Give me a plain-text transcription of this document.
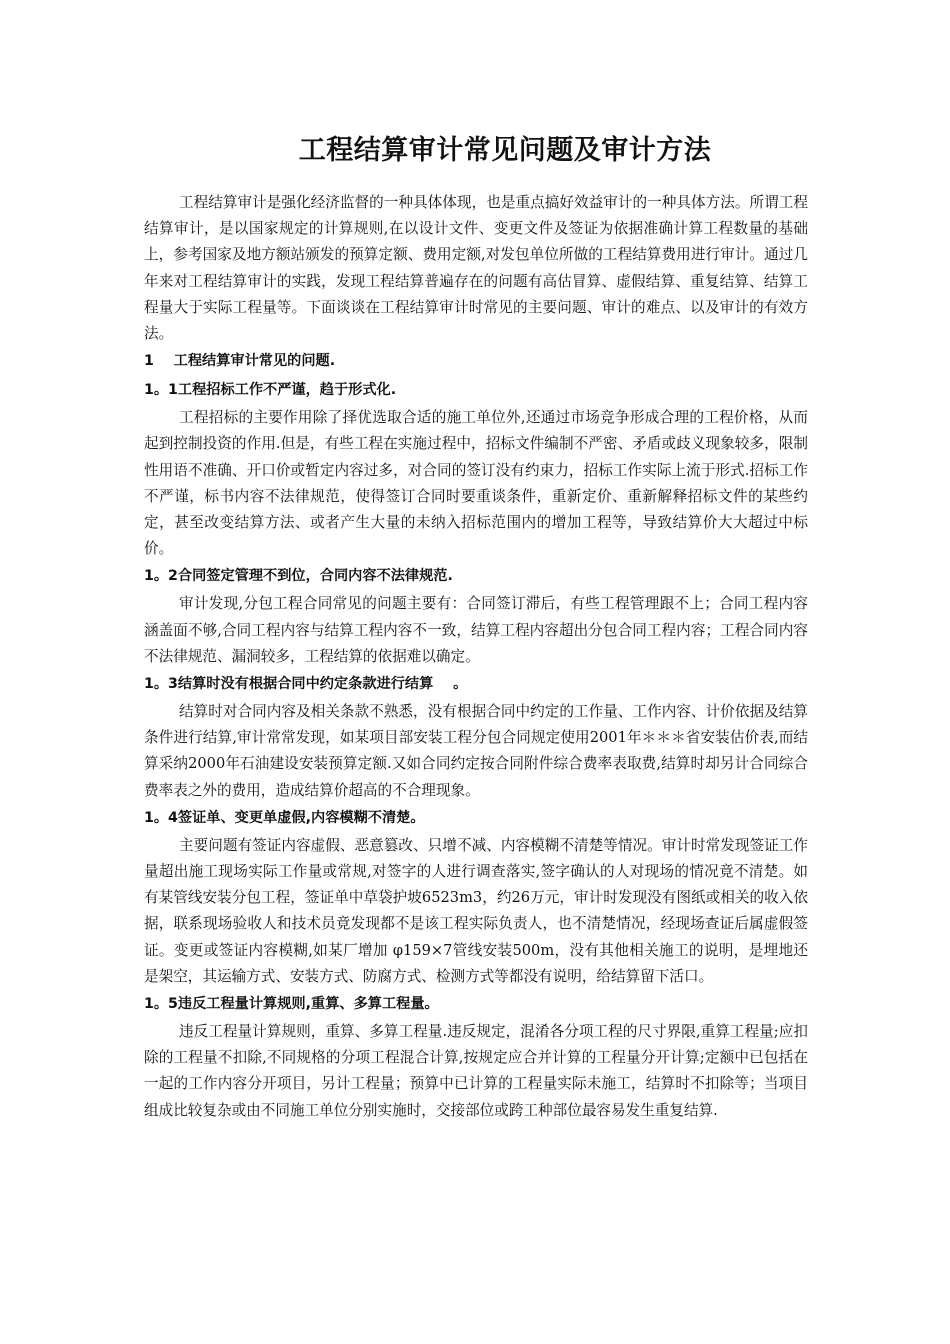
工程结算审计常见问题及审计方法

工程结算审计是强化经济监督的一种具体体现，也是重点搞好效益审计的一种具体方法。所谓工程结算审计，是以国家规定的计算规则,在以设计文件、变更文件及签证为依据准确计算工程数量的基础上，参考国家及地方额站颁发的预算定额、费用定额,对发包单位所做的工程结算费用进行审计。通过几年来对工程结算审计的实践，发现工程结算普遍存在的问题有高估冒算、虚假结算、重复结算、结算工程量大于实际工程量等。下面谈谈在工程结算审计时常见的主要问题、审计的难点、以及审计的有效方法。

1    工程结算审计常见的问题.
1。1工程招标工作不严谨，趋于形式化.

工程招标的主要作用除了择优选取合适的施工单位外,还通过市场竞争形成合理的工程价格，从而起到控制投资的作用.但是，有些工程在实施过程中，招标文件编制不严密、矛盾或歧义现象较多，限制性用语不准确、开口价或暂定内容过多，对合同的签订没有约束力，招标工作实际上流于形式.招标工作不严谨，标书内容不法律规范，使得签订合同时要重谈条件，重新定价、重新解释招标文件的某些约定，甚至改变结算方法、或者产生大量的未纳入招标范围内的增加工程等，导致结算价大大超过中标价。

1。2合同签定管理不到位，合同内容不法律规范.

审计发现,分包工程合同常见的问题主要有：合同签订滞后，有些工程管理跟不上；合同工程内容涵盖面不够,合同工程内容与结算工程内容不一致，结算工程内容超出分包合同工程内容；工程合同内容不法律规范、漏洞较多，工程结算的依据难以确定。

1。3结算时没有根据合同中约定条款进行结算    。

结算时对合同内容及相关条款不熟悉，没有根据合同中约定的工作量、工作内容、计价依据及结算条件进行结算,审计常常发现，如某项目部安装工程分包合同规定使用2001年＊＊＊省安装估价表,而结算采纳2000年石油建设安装预算定额.又如合同约定按合同附件综合费率表取费,结算时却另计合同综合费率表之外的费用，造成结算价超高的不合理现象。

1。4签证单、变更单虚假,内容模糊不清楚。

主要问题有签证内容虚假、恶意篡改、只增不减、内容模糊不清楚等情况。审计时常发现签证工作量超出施工现场实际工作量或常规,对签字的人进行调查落实,签字确认的人对现场的情况竟不清楚。如有某管线安装分包工程，签证单中草袋护坡6523m3，约26万元，审计时发现没有图纸或相关的收入依据，联系现场验收人和技术员竟发现都不是该工程实际负责人，也不清楚情况，经现场查证后属虚假签证。变更或签证内容模糊,如某厂增加 φ159×7管线安装500m，没有其他相关施工的说明，是埋地还是架空，其运输方式、安装方式、防腐方式、检测方式等都没有说明，给结算留下活口。

1。5违反工程量计算规则,重算、多算工程量。

违反工程量计算规则，重算、多算工程量.违反规定，混淆各分项工程的尺寸界限,重算工程量;应扣除的工程量不扣除,不同规格的分项工程混合计算,按规定应合并计算的工程量分开计算;定额中已包括在一起的工作内容分开项目，另计工程量；预算中已计算的工程量实际未施工，结算时不扣除等；当项目组成比较复杂或由不同施工单位分别实施时，交接部位或跨工种部位最容易发生重复结算.
